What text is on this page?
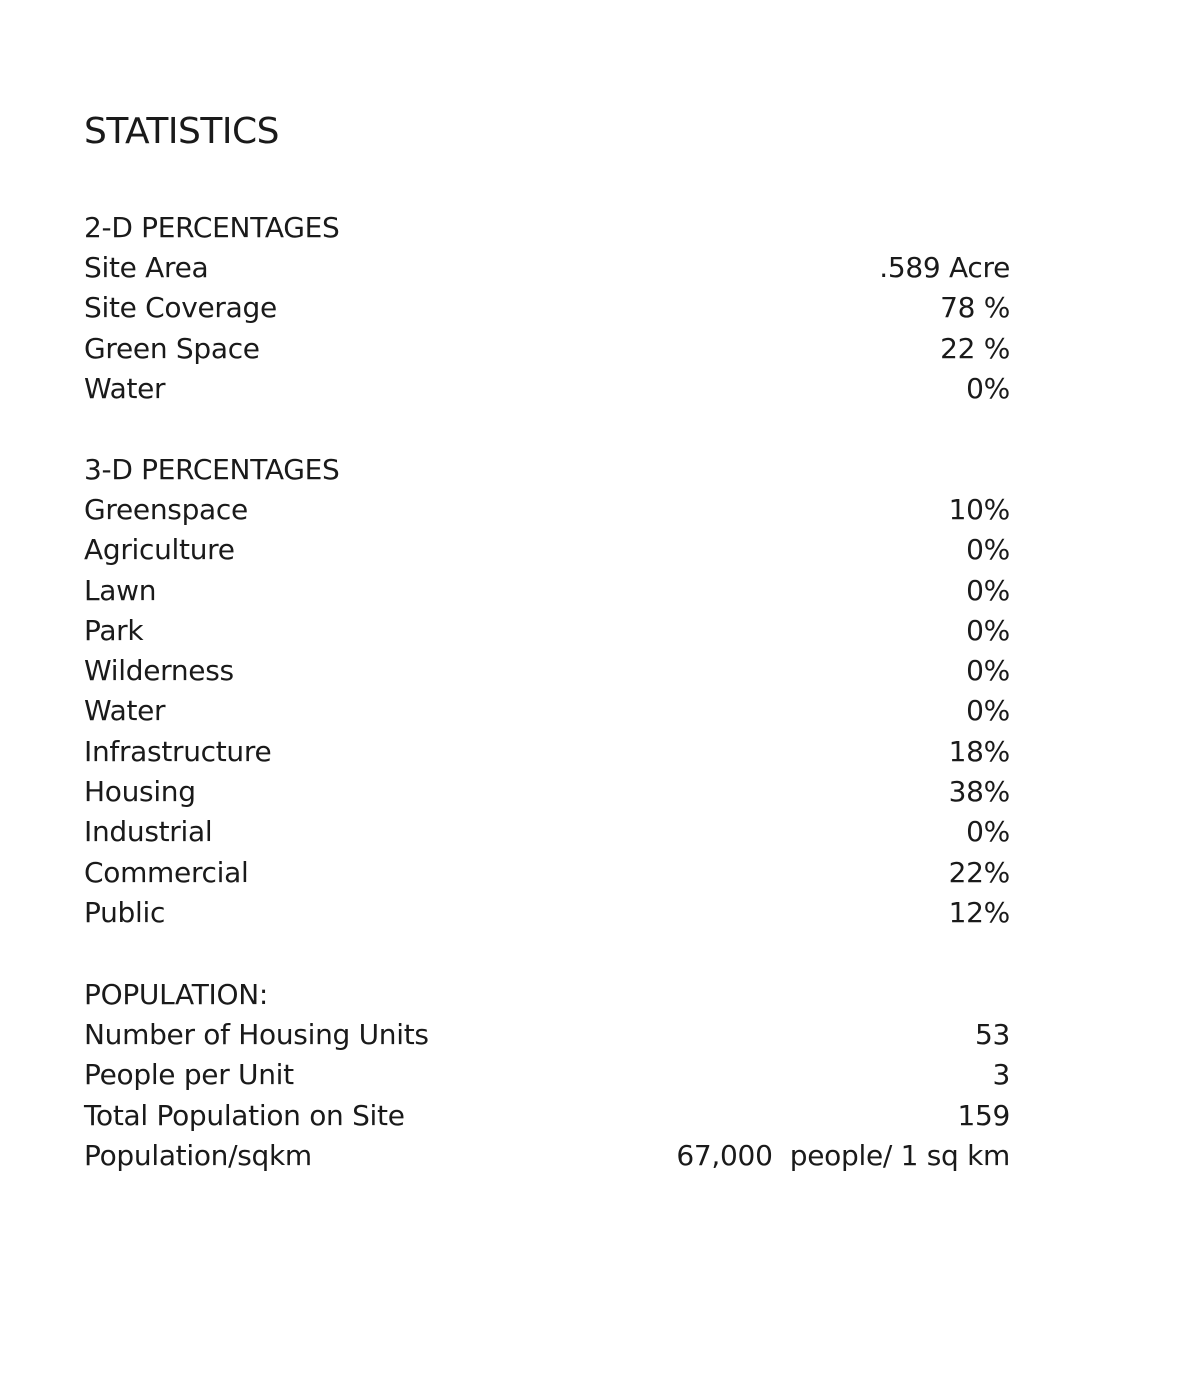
STATISTICS
2-D PERCENTAGES
Site Area	.589 Acre
Site Coverage	78 %
Green Space	22 %
Water	0%
3-D PERCENTAGES
Greenspace	10%
Agriculture	0%
Lawn	0%
Park	0%
Wilderness	0%
Water	0%
Infrastructure	18%
Housing	38%
Industrial	0%
Commercial	22%
Public	12%
POPULATION:
Number of Housing Units	53
People per Unit	3
Total Population on Site	159
Population/sqkm	67,000  people/ 1 sq km
